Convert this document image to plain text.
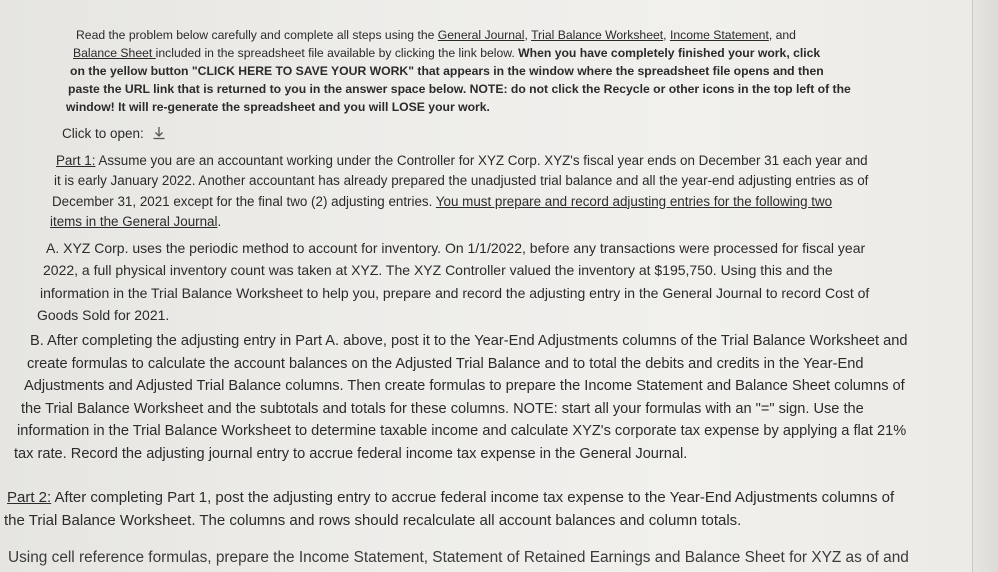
Read the problem below carefully and complete all steps using the General Journal, Trial Balance Worksheet, Income Statement, and
Balance Sheet included in the spreadsheet file available by clicking the link below. When you have completely finished your work, click
on the yellow button "CLICK HERE TO SAVE YOUR WORK" that appears in the window where the spreadsheet file opens and then
paste the URL link that is returned to you in the answer space below. NOTE: do not click the Recycle or other icons in the top left of the
window! It will re-generate the spreadsheet and you will LOSE your work.
Click to open:
Part 1: Assume you are an accountant working under the Controller for XYZ Corp. XYZ's fiscal year ends on December 31 each year and
it is early January 2022. Another accountant has already prepared the unadjusted trial balance and all the year-end adjusting entries as of
December 31, 2021 except for the final two (2) adjusting entries. You must prepare and record adjusting entries for the following two
items in the General Journal.
A. XYZ Corp. uses the periodic method to account for inventory. On 1/1/2022, before any transactions were processed for fiscal year
2022, a full physical inventory count was taken at XYZ. The XYZ Controller valued the inventory at $195,750. Using this and the
information in the Trial Balance Worksheet to help you, prepare and record the adjusting entry in the General Journal to record Cost of
Goods Sold for 2021.
B. After completing the adjusting entry in Part A. above, post it to the Year-End Adjustments columns of the Trial Balance Worksheet and
create formulas to calculate the account balances on the Adjusted Trial Balance and to total the debits and credits in the Year-End
Adjustments and Adjusted Trial Balance columns. Then create formulas to prepare the Income Statement and Balance Sheet columns of
the Trial Balance Worksheet and the subtotals and totals for these columns. NOTE: start all your formulas with an "=" sign. Use the
information in the Trial Balance Worksheet to determine taxable income and calculate XYZ's corporate tax expense by applying a flat 21%
tax rate. Record the adjusting journal entry to accrue federal income tax expense in the General Journal.
Part 2: After completing Part 1, post the adjusting entry to accrue federal income tax expense to the Year-End Adjustments columns of
the Trial Balance Worksheet. The columns and rows should recalculate all account balances and column totals.
Using cell reference formulas, prepare the Income Statement, Statement of Retained Earnings and Balance Sheet for XYZ as of and
